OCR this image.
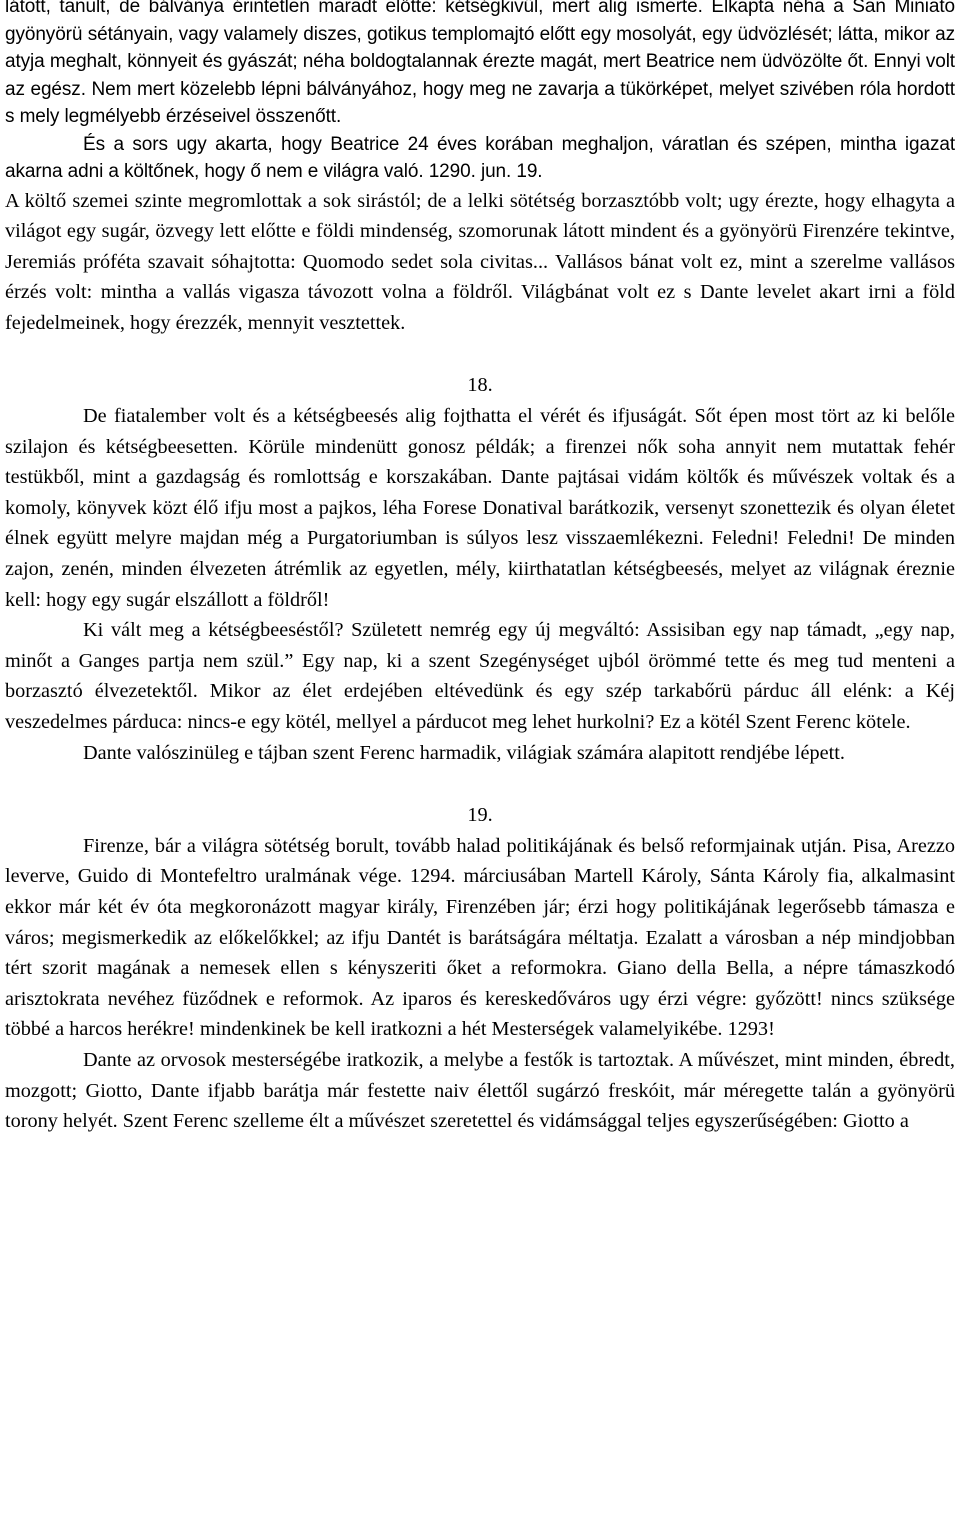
látott, tanult, de bálványa érintetlen maradt előtte: kétségkivül, mert alig ismerte. Elkapta néha a San Miniato gyönyörü sétányain, vagy valamely diszes, gotikus templomajtó előtt egy mosolyát, egy üdvözlését; látta, mikor az atyja meghalt, könnyeit és gyászát; néha boldogtalannak érezte magát, mert Beatrice nem üdvözölte őt. Ennyi volt az egész. Nem mert közelebb lépni bálványához, hogy meg ne zavarja a tükörképet, melyet szivében róla hordott s mely legmélyebb érzéseivel összenőtt.

És a sors ugy akarta, hogy Beatrice 24 éves korában meghaljon, váratlan és szépen, mintha igazat akarna adni a költőnek, hogy ő nem e világra való. 1290. jun. 19.

A költő szemei szinte megromlottak a sok sirástól; de a lelki sötétség borzasztóbb volt; ugy érezte, hogy elhagyta a világot egy sugár, özvegy lett előtte e földi mindenség, szomorunak látott mindent és a gyönyörü Firenzére tekintve, Jeremiás próféta szavait sóhajtotta: Quomodo sedet sola civitas... Vallásos bánat volt ez, mint a szerelme vallásos érzés volt: mintha a vallás vigasza távozott volna a földről. Világbánat volt ez s Dante levelet akart irni a föld fejedelmeinek, hogy érezzék, mennyit vesztettek.

18.

De fiatalember volt és a kétségbeesés alig fojthatta el vérét és ifjuságát. Sőt épen most tört az ki belőle szilajon és kétségbeesetten. Körüle mindenütt gonosz példák; a firenzei nők soha annyit nem mutattak fehér testükből, mint a gazdagság és romlottság e korszakában. Dante pajtásai vidám költők és művészek voltak és a komoly, könyvek közt élő ifju most a pajkos, léha Forese Donatival barátkozik, versenyt szonettezik és olyan életet élnek együtt melyre majdan még a Purgatoriumban is súlyos lesz visszaemlékezni. Feledni! Feledni! De minden zajon, zenén, minden élvezeten átrémlik az egyetlen, mély, kiirthatatlan kétségbeesés, melyet az világnak éreznie kell: hogy egy sugár elszállott a földről!

Ki vált meg a kétségbeeséstől? Született nemrég egy új megváltó: Assisiban egy nap támadt, „egy nap, minőt a Ganges partja nem szül.” Egy nap, ki a szent Szegénységet ujból örömmé tette és meg tud menteni a borzasztó élvezetektől. Mikor az élet erdejében eltévedünk és egy szép tarkabőrü párduc áll elénk: a Kéj veszedelmes párduca: nincs-e egy kötél, mellyel a párducot meg lehet hurkolni? Ez a kötél Szent Ferenc kötele.

Dante valószinüleg e tájban szent Ferenc harmadik, világiak számára alapitott rendjébe lépett.

19.

Firenze, bár a világra sötétség borult, tovább halad politikájának és belső reformjainak utján. Pisa, Arezzo leverve, Guido di Montefeltro uralmának vége. 1294. márciusában Martell Károly, Sánta Károly fia, alkalmasint ekkor már két év óta megkoronázott magyar király, Firenzében jár; érzi hogy politikájának legerősebb támasza e város; megismerkedik az előkelőkkel; az ifju Dantét is barátságára méltatja. Ezalatt a városban a nép mindjobban tért szorit magának a nemesek ellen s kényszeriti őket a reformokra. Giano della Bella, a népre támaszkodó arisztokrata nevéhez füződnek e reformok. Az iparos és kereskedőváros ugy érzi végre: győzött! nincs szüksége többé a harcos herékre! mindenkinek be kell iratkozni a hét Mesterségek valamelyikébe. 1293!

Dante az orvosok mesterségébe iratkozik, a melybe a festők is tartoztak. A művészet, mint minden, ébredt, mozgott; Giotto, Dante ifjabb barátja már festette naiv élettől sugárzó freskóit, már méregette talán a gyönyörü torony helyét. Szent Ferenc szelleme élt a művészet szeretettel és vidámsággal teljes egyszerűségében: Giotto a
